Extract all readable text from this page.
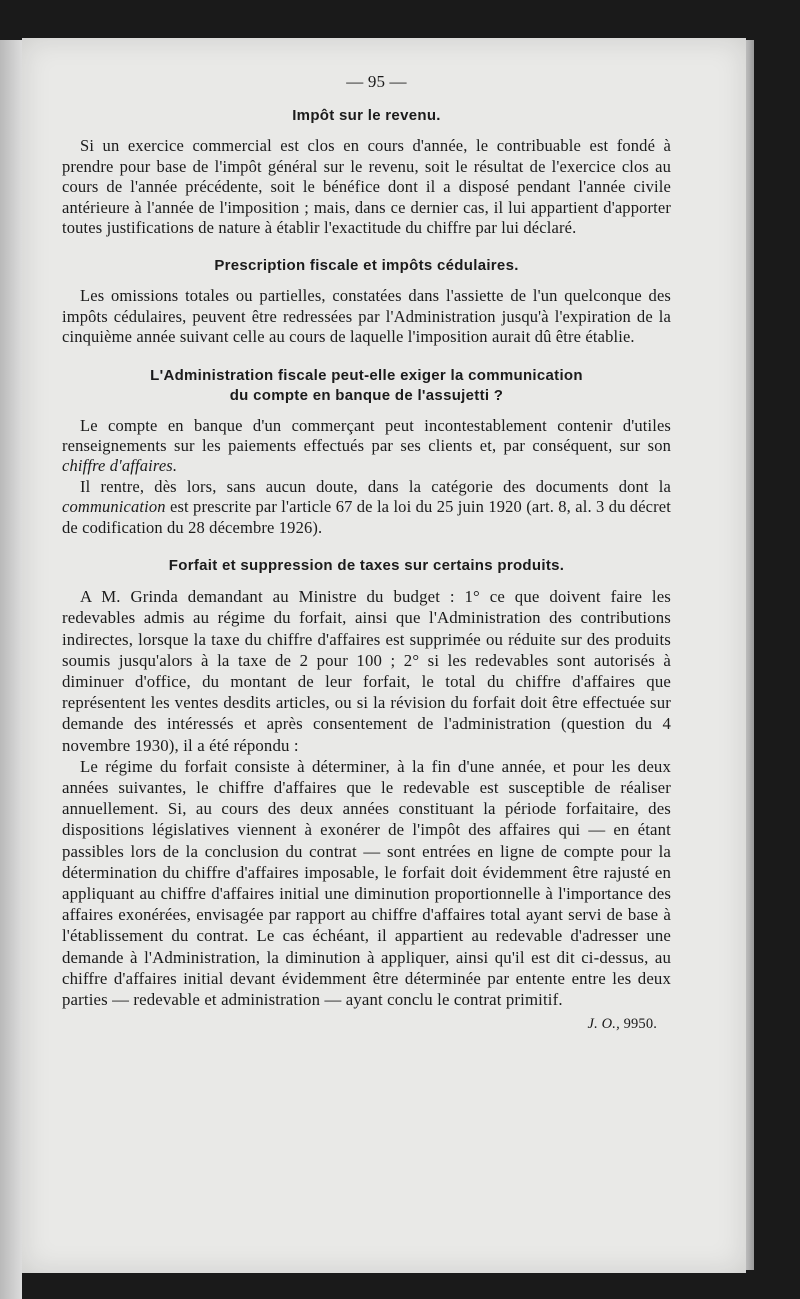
— 95 —
Impôt sur le revenu.

Si un exercice commercial est clos en cours d'année, le contribuable est fondé à prendre pour base de l'impôt général sur le revenu, soit le résultat de l'exercice clos au cours de l'année précédente, soit le bénéfice dont il a disposé pendant l'année civile antérieure à l'année de l'imposition ; mais, dans ce dernier cas, il lui appartient d'apporter toutes justifications de nature à établir l'exactitude du chiffre par lui déclaré.

Prescription fiscale et impôts cédulaires.

Les omissions totales ou partielles, constatées dans l'assiette de l'un quelconque des impôts cédulaires, peuvent être redressées par l'Administration jusqu'à l'expiration de la cinquième année suivant celle au cours de laquelle l'imposition aurait dû être établie.

L'Administration fiscale peut-elle exiger la communication
du compte en banque de l'assujetti ?

Le compte en banque d'un commerçant peut incontestablement contenir d'utiles renseignements sur les paiements effectués par ses clients et, par conséquent, sur son chiffre d'affaires.

Il rentre, dès lors, sans aucun doute, dans la catégorie des documents dont la communication est prescrite par l'article 67 de la loi du 25 juin 1920 (art. 8, al. 3 du décret de codification du 28 décembre 1926).

Forfait et suppression de taxes sur certains produits.

A M. Grinda demandant au Ministre du budget : 1° ce que doivent faire les redevables admis au régime du forfait, ainsi que l'Administration des contributions indirectes, lorsque la taxe du chiffre d'affaires est supprimée ou réduite sur des produits soumis jusqu'alors à la taxe de 2 pour 100 ; 2° si les redevables sont autorisés à diminuer d'office, du montant de leur forfait, le total du chiffre d'affaires que représentent les ventes desdits articles, ou si la révision du forfait doit être effectuée sur demande des intéressés et après consentement de l'administration (question du 4 novembre 1930), il a été répondu :

Le régime du forfait consiste à déterminer, à la fin d'une année, et pour les deux années suivantes, le chiffre d'affaires que le redevable est susceptible de réaliser annuellement. Si, au cours des deux années constituant la période forfaitaire, des dispositions législatives viennent à exonérer de l'impôt des affaires qui — en étant passibles lors de la conclusion du contrat — sont entrées en ligne de compte pour la détermination du chiffre d'affaires imposable, le forfait doit évidemment être rajusté en appliquant au chiffre d'affaires initial une diminution proportionnelle à l'importance des affaires exonérées, envisagée par rapport au chiffre d'affaires total ayant servi de base à l'établissement du contrat. Le cas échéant, il appartient au redevable d'adresser une demande à l'Administration, la diminution à appliquer, ainsi qu'il est dit ci-dessus, au chiffre d'affaires initial devant évidemment être déterminée par entente entre les deux parties — redevable et administration — ayant conclu le contrat primitif.

J. O., 9950.
